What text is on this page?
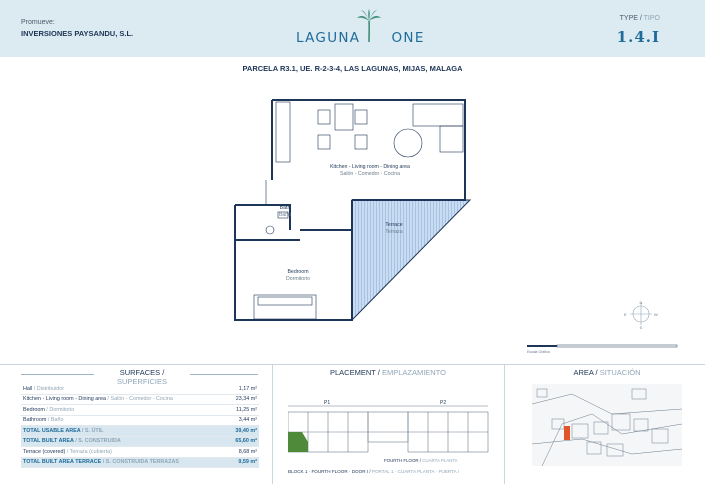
Promueve:
INVERSIONES PAYSANDU, S.L.	LAGUNA ONE
TYPE / TIPO
1.4.I
PARCELA R3.1, UE. R-2-3-4, LAS LAGUNAS, MIJAS, MALAGA
Kitchen - Living room - Dining area
Salón - Comedor - Cocina
Bath
Baño
Terrace
Terraza
Bedroom
Dormitorio
N
S
E	W
Escala Gráfica
SURFACES / SUPERFICIES
PLACEMENT / EMPLAZAMIENTO	AREA / SITUACIÓN
Hall / Distribuidor	1,17 m²
Kitchen - Living room - Dining area / Salón - Comedor - Cocina	23,34 m²
Bedroom / Dormitorio	11,25 m²
Bathroom / Baño	3,44 m²
TOTAL USABLE AREA / S. ÚTIL	39,40 m²
TOTAL BUILT AREA / S. CONSTRUIDA	65,60 m²
Terrace (covered) / Terraza (cubierta)	8,68 m²
TOTAL BUILT AREA TERRACE / S. CONSTRUIDA TERRAZAS	9,59 m²
P1	P2
FOURTH FLOOR / CUARTA PLANTA
BLOCK 1 · FOURTH FLOOR · DOOR I / PORTAL 1 · CUARTA PLANTA · PUERTA I
